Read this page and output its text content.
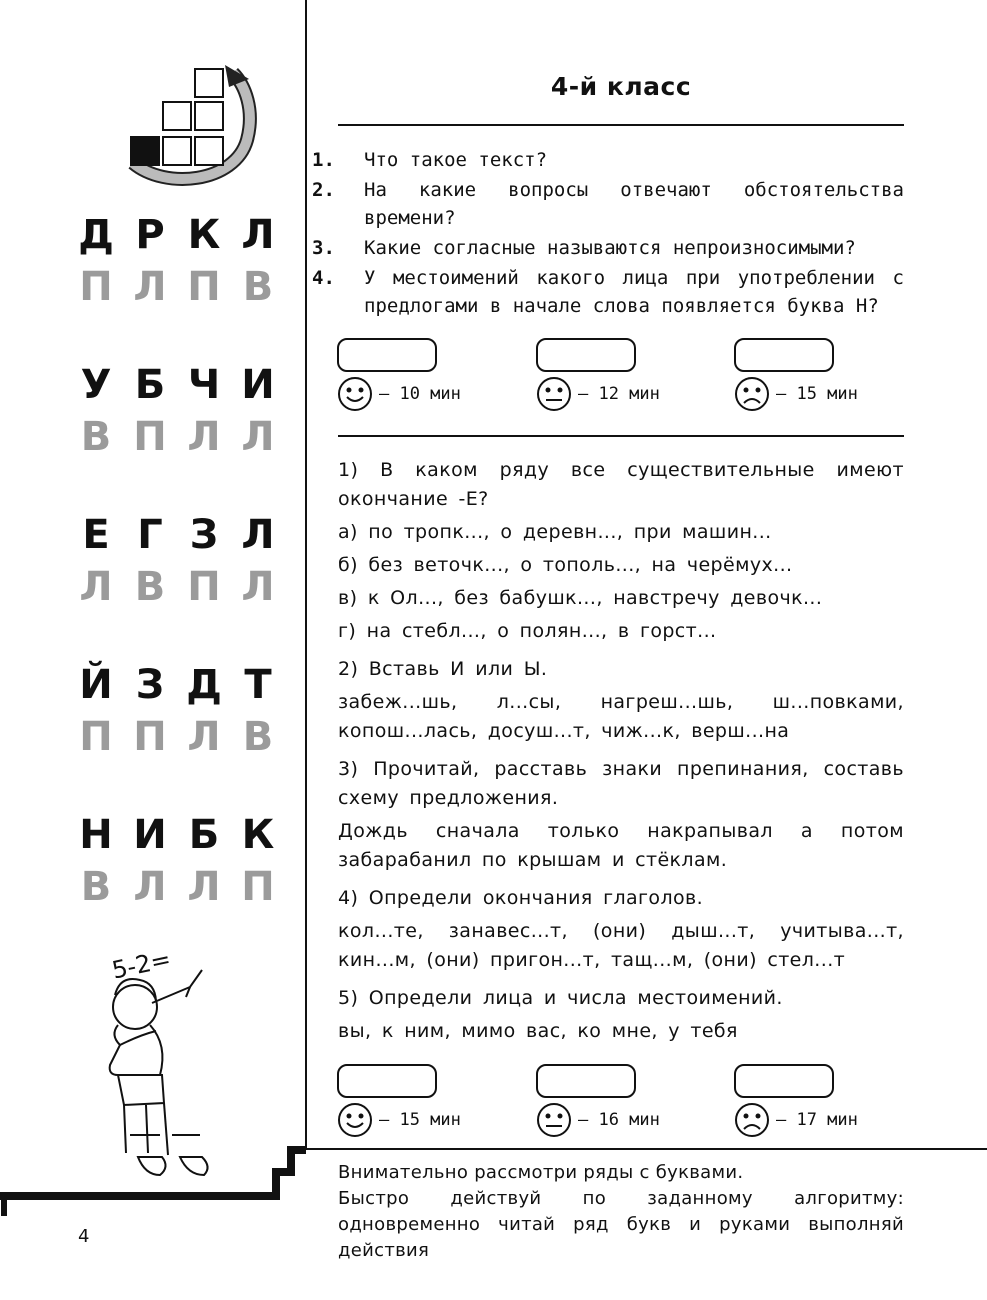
Д Р К Л
П Л П В
У Б Ч И
В П Л Л
Е Г З Л
Л В П Л
Й З Д Т
П П Л В
Н И Б К
В Л Л П
5-2=
4
4-й класс
1. Что такое текст?
2. На какие вопросы отвечают обстоятельства времени?
3. Какие согласные называются непроизносимыми?
4. У местоимений какого лица при употреблении с предлогами в начале слова появляется буква Н?
— 10 мин	— 12 мин	— 15 мин

1) В каком ряду все существительные имеют окончание -Е?

а) по тропк..., о деревн..., при машин...

б) без веточк..., о тополь..., на черёмух...

в) к Ол..., без бабушк..., навстречу девочк...

г) на стебл..., о полян..., в горст...

2) Вставь И или Ы.

забеж...шь, л...сы, нагреш...шь, ш...повками, копош...лась, досуш...т, чиж...к, верш...на

3) Прочитай, расставь знаки препинания, составь схему предложения.

Дождь сначала только накрапывал а потом забарабанил по крышам и стёклам.

4) Определи окончания глаголов.

кол...те, занавес...т, (они) дыш...т, учитыва...т, кин...м, (они) пригон...т, тащ...м, (они) стел...т

5) Определи лица и числа местоимений.

вы, к ним, мимо вас, ко мне, у тебя

— 15 мин	— 16 мин	— 17 мин

Внимательно рассмотри ряды с буквами.

Быстро действуй по заданному алгоритму: одновременно читай ряд букв и руками выполняй действия
